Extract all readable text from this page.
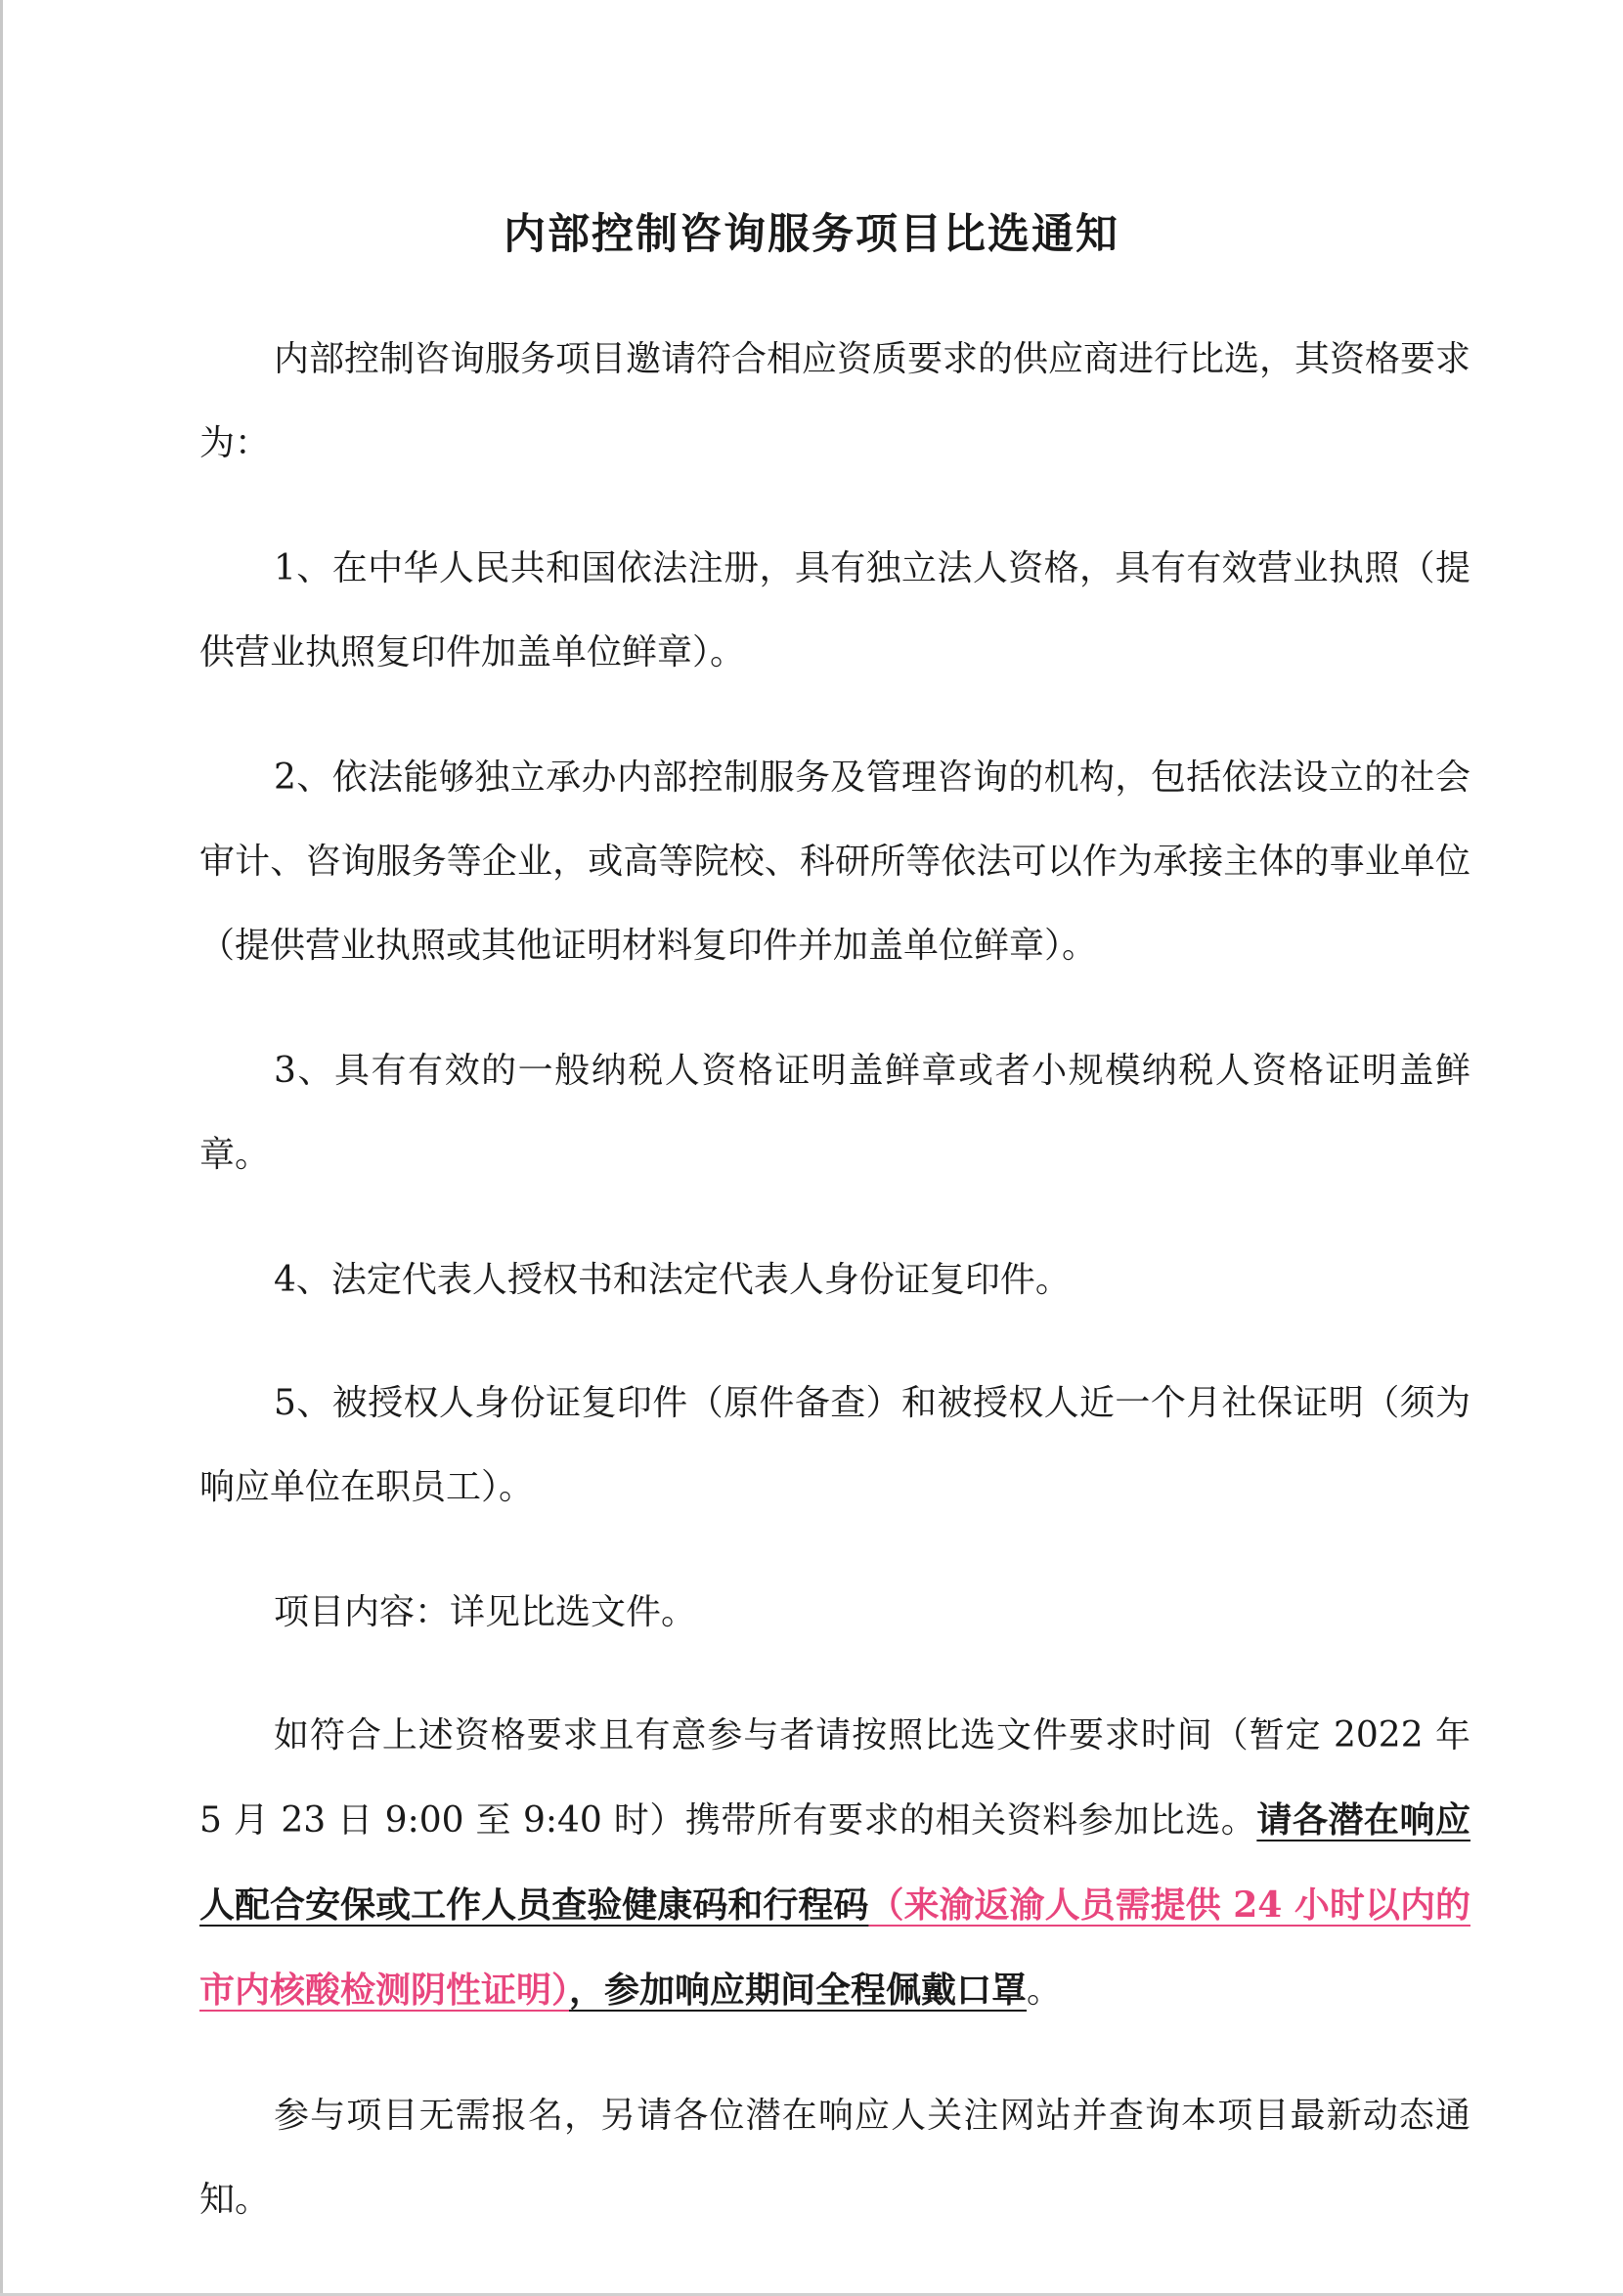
内部控制咨询服务项目比选通知

内部控制咨询服务项目邀请符合相应资质要求的供应商进行比选，其资格要求为：

1、在中华人民共和国依法注册，具有独立法人资格，具有有效营业执照（提供营业执照复印件加盖单位鲜章）。

2、依法能够独立承办内部控制服务及管理咨询的机构，包括依法设立的社会审计、咨询服务等企业，或高等院校、科研所等依法可以作为承接主体的事业单位（提供营业执照或其他证明材料复印件并加盖单位鲜章）。

3、具有有效的一般纳税人资格证明盖鲜章或者小规模纳税人资格证明盖鲜章。

4、法定代表人授权书和法定代表人身份证复印件。

5、被授权人身份证复印件（原件备查）和被授权人近一个月社保证明（须为响应单位在职员工）。

项目内容：详见比选文件。

如符合上述资格要求且有意参与者请按照比选文件要求时间（暂定 2022 年 5 月 23 日 9:00 至 9:40 时）携带所有要求的相关资料参加比选。请各潜在响应人配合安保或工作人员查验健康码和行程码（来渝返渝人员需提供 24 小时以内的市内核酸检测阴性证明），参加响应期间全程佩戴口罩。

参与项目无需报名，另请各位潜在响应人关注网站并查询本项目最新动态通知。
